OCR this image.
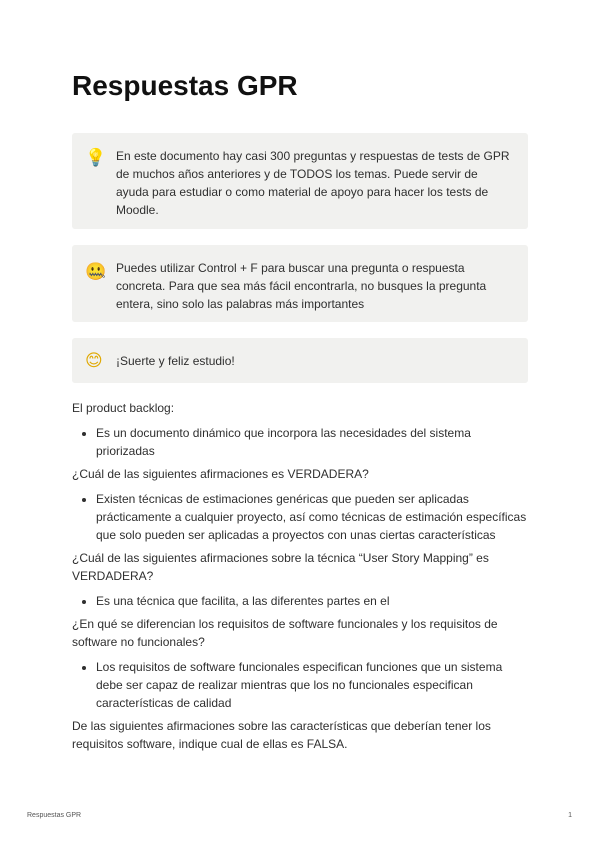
Respuestas GPR
💡 En este documento hay casi 300 preguntas y respuestas de tests de GPR de muchos años anteriores y de TODOS los temas. Puede servir de ayuda para estudiar o como material de apoyo para hacer los tests de Moodle.
🤐 Puedes utilizar Control + F para buscar una pregunta o respuesta concreta. Para que sea más fácil encontrarla, no busques la pregunta entera, sino solo las palabras más importantes
😊 ¡Suerte y feliz estudio!

El product backlog:

• Es un documento dinámico que incorpora las necesidades del sistema priorizadas

¿Cuál de las siguientes afirmaciones es VERDADERA?

• Existen técnicas de estimaciones genéricas que pueden ser aplicadas prácticamente a cualquier proyecto, así como técnicas de estimación específicas que solo pueden ser aplicadas a proyectos con unas ciertas características

¿Cuál de las siguientes afirmaciones sobre la técnica “User Story Mapping” es VERDADERA?

• Es una técnica que facilita, a las diferentes partes en el

¿En qué se diferencian los requisitos de software funcionales y los requisitos de software no funcionales?

• Los requisitos de software funcionales especifican funciones que un sistema debe ser capaz de realizar mientras que los no funcionales especifican características de calidad

De las siguientes afirmaciones sobre las características que deberían tener los requisitos software, indique cual de ellas es FALSA.

Respuestas GPR	1
